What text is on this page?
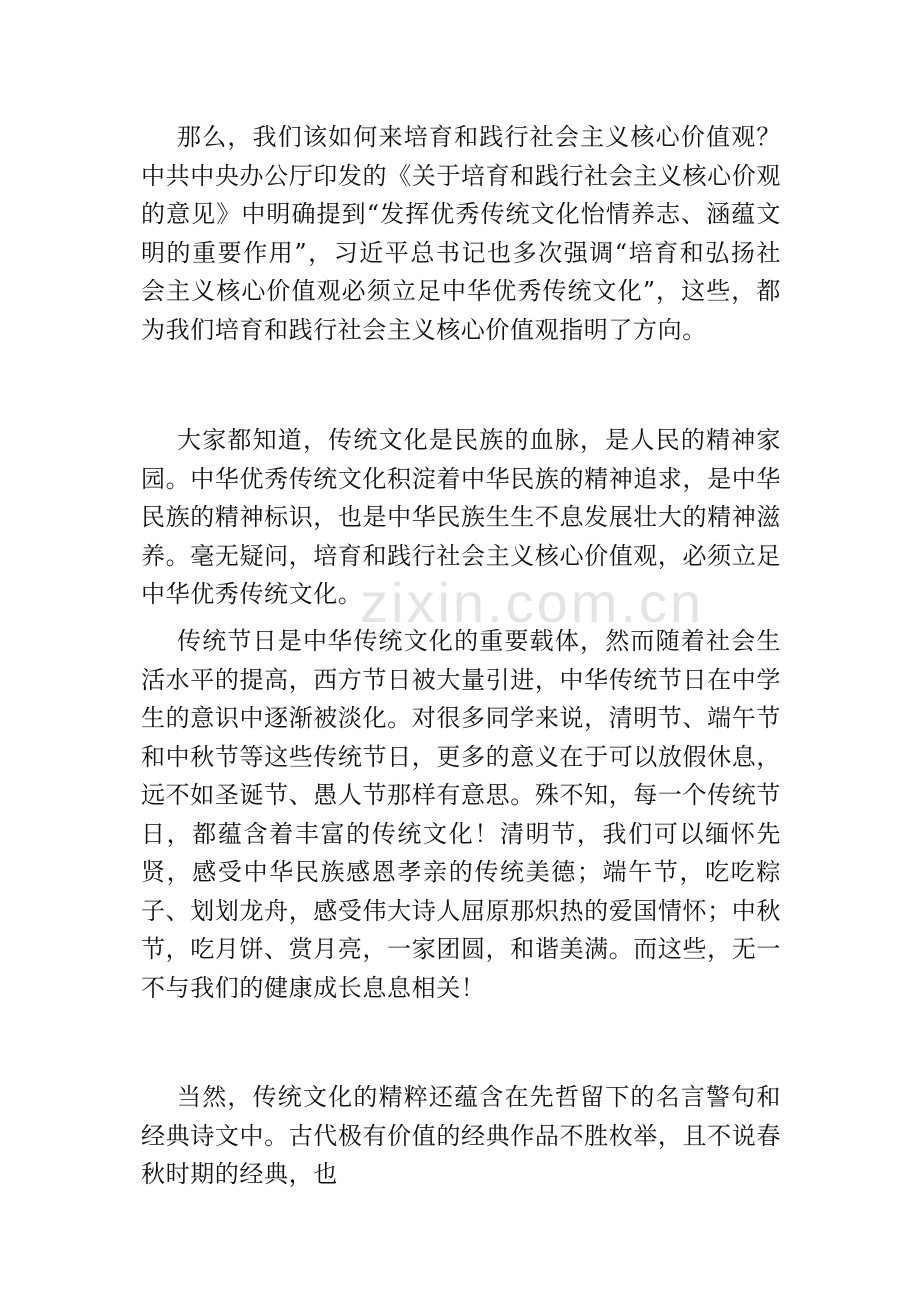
zixin.com.cn

那么，我们该如何来培育和践行社会主义核心价值观？中共中央办公厅印发的《关于培育和践行社会主义核心价观的意见》中明确提到“发挥优秀传统文化怡情养志、涵蕴文明的重要作用”，习近平总书记也多次强调“培育和弘扬社会主义核心价值观必须立足中华优秀传统文化”，这些，都为我们培育和践行社会主义核心价值观指明了方向。

大家都知道，传统文化是民族的血脉，是人民的精神家园。中华优秀传统文化积淀着中华民族的精神追求，是中华民族的精神标识，也是中华民族生生不息发展壮大的精神滋养。毫无疑问，培育和践行社会主义核心价值观，必须立足中华优秀传统文化。

传统节日是中华传统文化的重要载体，然而随着社会生活水平的提高，西方节日被大量引进，中华传统节日在中学生的意识中逐渐被淡化。对很多同学来说，清明节、端午节和中秋节等这些传统节日，更多的意义在于可以放假休息，远不如圣诞节、愚人节那样有意思。殊不知，每一个传统节日，都蕴含着丰富的传统文化！清明节，我们可以缅怀先贤，感受中华民族感恩孝亲的传统美德；端午节，吃吃粽子、划划龙舟，感受伟大诗人屈原那炽热的爱国情怀；中秋节，吃月饼、赏月亮，一家团圆，和谐美满。而这些，无一不与我们的健康成长息息相关！

当然，传统文化的精粹还蕴含在先哲留下的名言警句和经典诗文中。古代极有价值的经典作品不胜枚举，且不说春秋时期的经典，也
